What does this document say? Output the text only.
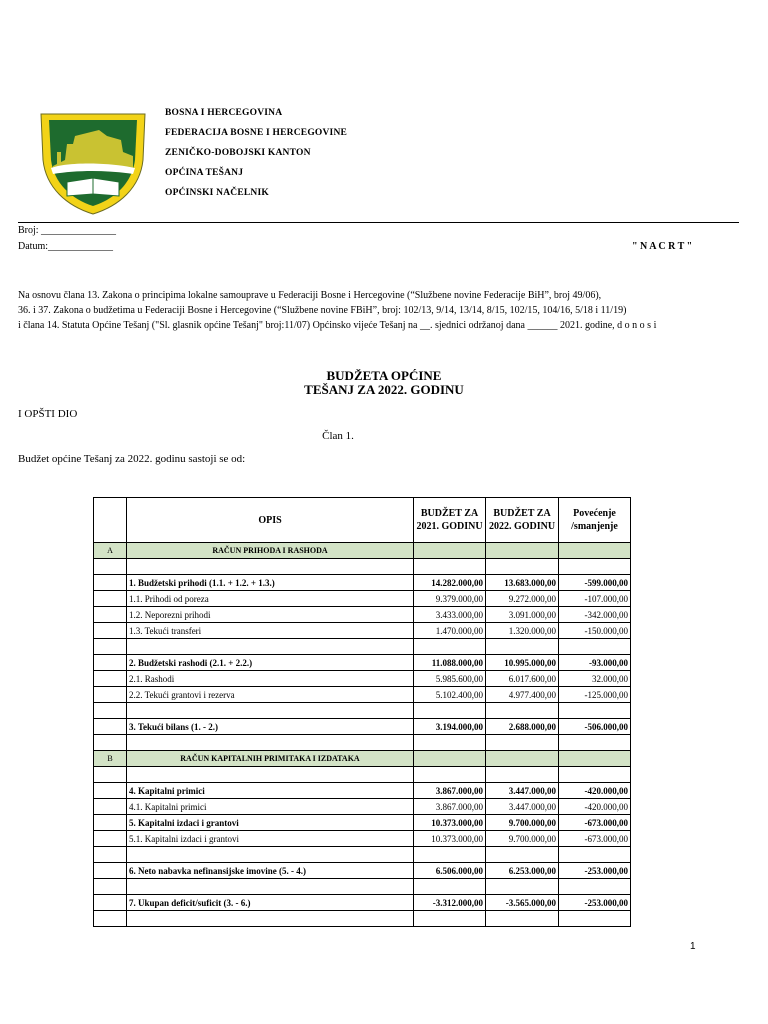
BOSNA I HERCEGOVINA
FEDERACIJA BOSNE I HERCEGOVINE
ZENIČKO-DOBOJSKI KANTON
OPĆINA TEŠANJ
OPĆINSKI NAČELNIK
Broj: _______________
Datum:_____________	" N A C R T "
Na osnovu člana 13. Zakona o principima lokalne samouprave u Federaciji Bosne i Hercegovine (“Službene novine Federacije BiH”, broj 49/06),
36. i 37. Zakona o budžetima u Federaciji Bosne i Hercegovine (“Službene novine FBiH”, broj: 102/13, 9/14, 13/14, 8/15, 102/15, 104/16, 5/18 i 11/19)
i člana 14. Statuta Općine Tešanj ("Sl. glasnik općine Tešanj" broj:11/07) Općinsko vijeće Tešanj na __. sjednici održanoj dana ______ 2021. godine, d o n o s i
BUDŽETA OPĆINE
TEŠANJ ZA 2022. GODINU
I OPŠTI DIO
Član 1.
Budžet općine Tešanj za 2022. godinu sastoji se od:
	OPIS	BUDŽET ZA 2021. GODINU	BUDŽET ZA 2022. GODINU	Povećenje /smanjenje
A	RAČUN PRIHODA I RASHODA			

	1. Budžetski prihodi (1.1. + 1.2. + 1.3.)	14.282.000,00	13.683.000,00	-599.000,00
	1.1. Prihodi od poreza	9.379.000,00	9.272.000,00	-107.000,00
	1.2. Neporezni prihodi	3.433.000,00	3.091.000,00	-342.000,00
	1.3. Tekući transferi	1.470.000,00	1.320.000,00	-150.000,00

	2. Budžetski rashodi (2.1. + 2.2.)	11.088.000,00	10.995.000,00	-93.000,00
	2.1. Rashodi	5.985.600,00	6.017.600,00	32.000,00
	2.2. Tekući grantovi i rezerva	5.102.400,00	4.977.400,00	-125.000,00

	3. Tekući bilans (1. - 2.)	3.194.000,00	2.688.000,00	-506.000,00

B	RAČUN KAPITALNIH PRIMITAKA I IZDATAKA			

	4. Kapitalni primici	3.867.000,00	3.447.000,00	-420.000,00
	4.1. Kapitalni primici	3.867.000,00	3.447.000,00	-420.000,00
	5. Kapitalni izdaci i grantovi	10.373.000,00	9.700.000,00	-673.000,00
	5.1. Kapitalni izdaci i grantovi	10.373.000,00	9.700.000,00	-673.000,00

	6. Neto nabavka nefinansijske imovine (5. - 4.)	6.506.000,00	6.253.000,00	-253.000,00

	7. Ukupan deficit/suficit (3. - 6.)	-3.312.000,00	-3.565.000,00	-253.000,00

1
